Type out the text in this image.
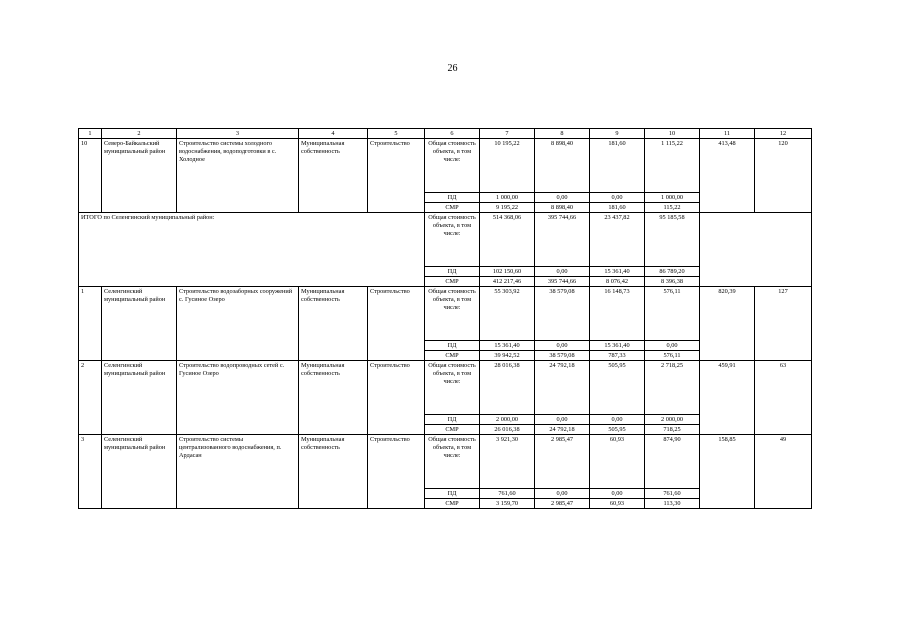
26
1	2	3	4	5	6	7	8	9	10	11	12
10	Северо-Байкальский муниципальный район	Строительство системы холодного водоснабжения, водоподготовки в с. Холодное	Муниципальная собственность	Строительство	Общая стоимость объекта, в том числе:	10 195,22	8 898,40	181,60	1 115,22	413,48	120
					ПД	1 000,00	0,00	0,00	1 000,00		
					СМР	9 195,22	8 898,40	181,60	115,22		
ИТОГО по Селенгинский муниципальный район:					Общая стоимость объекта, в том числе:	514 368,06	395 744,66	23 437,82	95 185,58		
					ПД	102 150,60	0,00	15 361,40	86 789,20		
					СМР	412 217,46	395 744,66	8 076,42	8 396,38		
1	Селенгинский муниципальный район	Строительство водозаборных сооружений с. Гусиное Озеро	Муниципальная собственность	Строительство	Общая стоимость объекта, в том числе:	55 303,92	38 579,08	16 148,73	576,11	820,39	127
					ПД	15 361,40	0,00	15 361,40	0,00		
					СМР	39 942,52	38 579,08	787,33	576,11		
2	Селенгинский муниципальный район	Строительство водопроводных сетей с. Гусиное Озеро	Муниципальная собственность	Строительство	Общая стоимость объекта, в том числе:	28 016,38	24 792,18	505,95	2 718,25	459,91	63
					ПД	2 000,00	0,00	0,00	2 000,00		
					СМР	26 016,38	24 792,18	505,95	718,25		
3	Селенгинский муниципальный район	Строительство системы централизованного водоснабжения, п. Ардасан	Муниципальная собственность	Строительство	Общая стоимость объекта, в том числе:	3 921,30	2 985,47	60,93	874,90	158,85	49
					ПД	761,60	0,00	0,00	761,60		
					СМР	3 159,70	2 985,47	60,93	113,30		
